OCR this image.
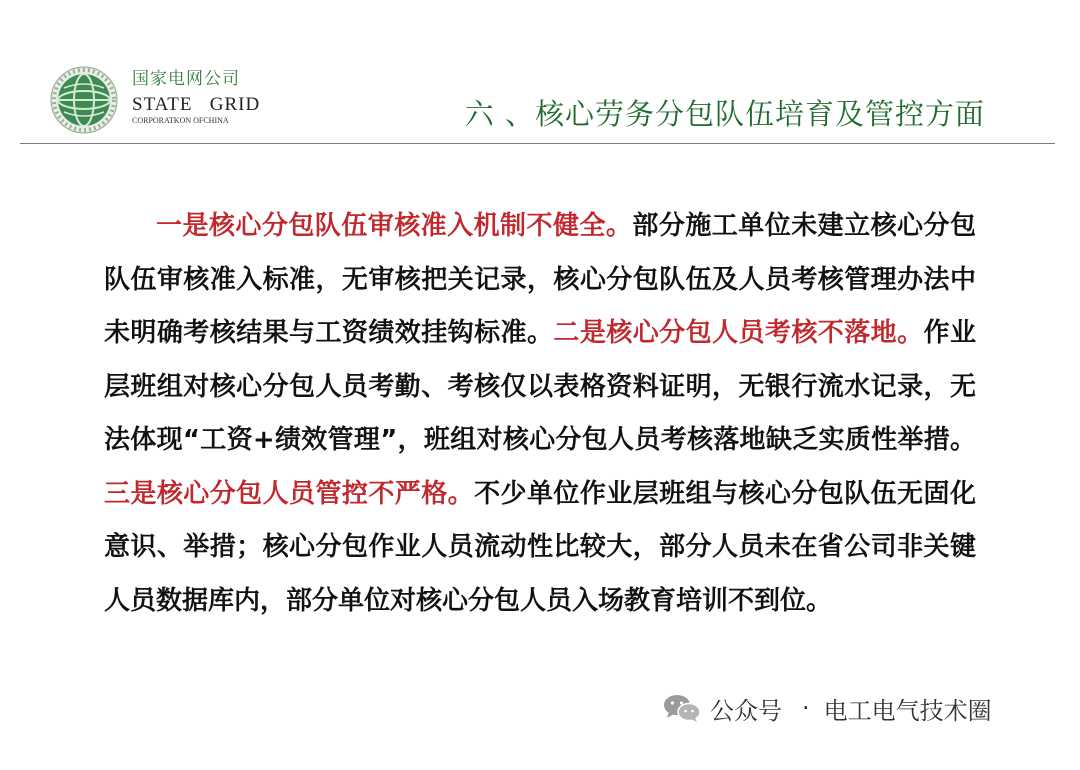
国家电网公司
STATE   GRID
CORPORATKON OFCHINA	六 、核心劳务分包队伍培育及管控方面
一是核心分包队伍审核准入机制不健全。部分施工单位未建立核心分包队伍审核准入标准，无审核把关记录，核心分包队伍及人员考核管理办法中未明确考核结果与工资绩效挂钩标准。二是核心分包人员考核不落地。作业层班组对核心分包人员考勤、考核仅以表格资料证明，无银行流水记录，无法体现“工资+绩效管理”，班组对核心分包人员考核落地缺乏实质性举措。三是核心分包人员管控不严格。不少单位作业层班组与核心分包队伍无固化意识、举措；核心分包作业人员流动性比较大，部分人员未在省公司非关键人员数据库内，部分单位对核心分包人员入场教育培训不到位。
公众号 · 电工电气技术圈
